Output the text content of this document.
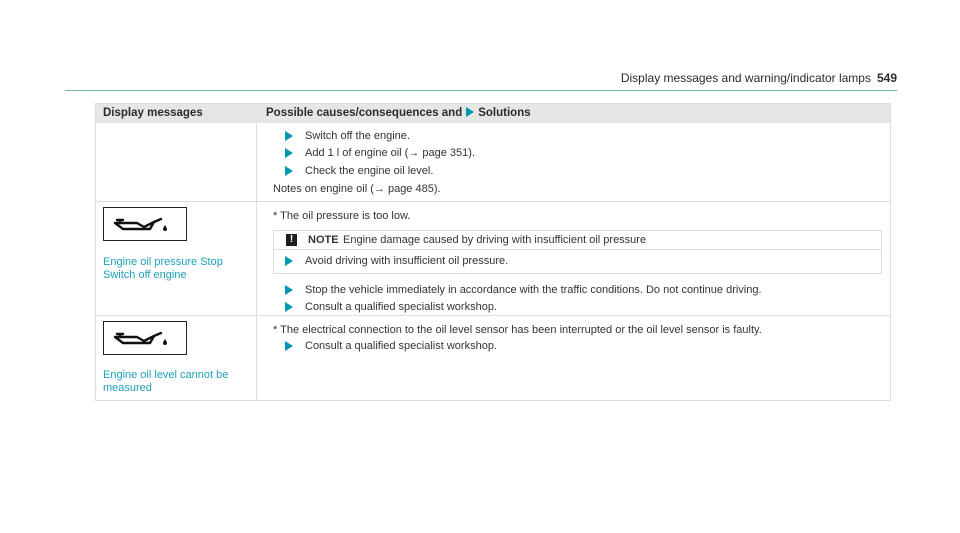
Display messages and warning/indicator lamps 549
Display messages	Possible causes/consequences and Solutions
Switch off the engine.
Add 1 l of engine oil (→ page 351).
Check the engine oil level.
Notes on engine oil (→ page 485).
Engine oil pressure Stop
Switch off engine
* The oil pressure is too low.
!	NOTE Engine damage caused by driving with insufficient oil pressure
Avoid driving with insufficient oil pressure.
Stop the vehicle immediately in accordance with the traffic conditions. Do not continue driving.
Consult a qualified specialist workshop.
Engine oil level cannot be
measured
* The electrical connection to the oil level sensor has been interrupted or the oil level sensor is faulty.
Consult a qualified specialist workshop.
